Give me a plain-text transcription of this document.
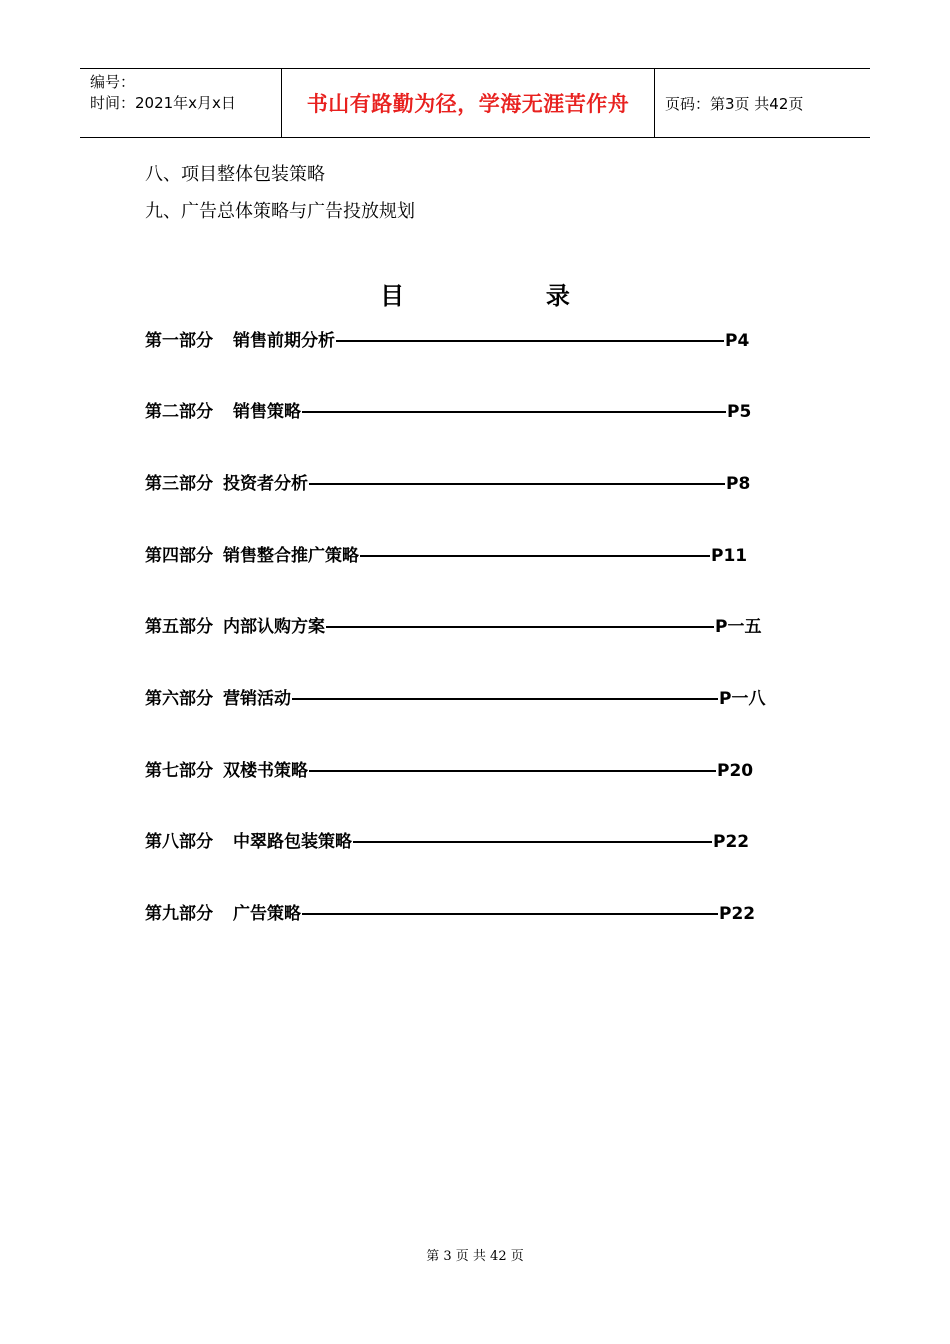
编号：
时间：2021年x月x日	书山有路勤为径，学海无涯苦作舟	页码：第3页 共42页
八、项目整体包装策略
九、广告总体策略与广告投放规划
目	录
第一部分 销售前期分析	P4
第二部分 销售策略	P5
第三部分 投资者分析	P8
第四部分 销售整合推广策略	P11
第五部分 内部认购方案	P一五
第六部分 营销活动	P一八
第七部分 双楼书策略	P20
第八部分 中翠路包装策略	P22
第九部分 广告策略	P22
第 3 页 共 42 页
